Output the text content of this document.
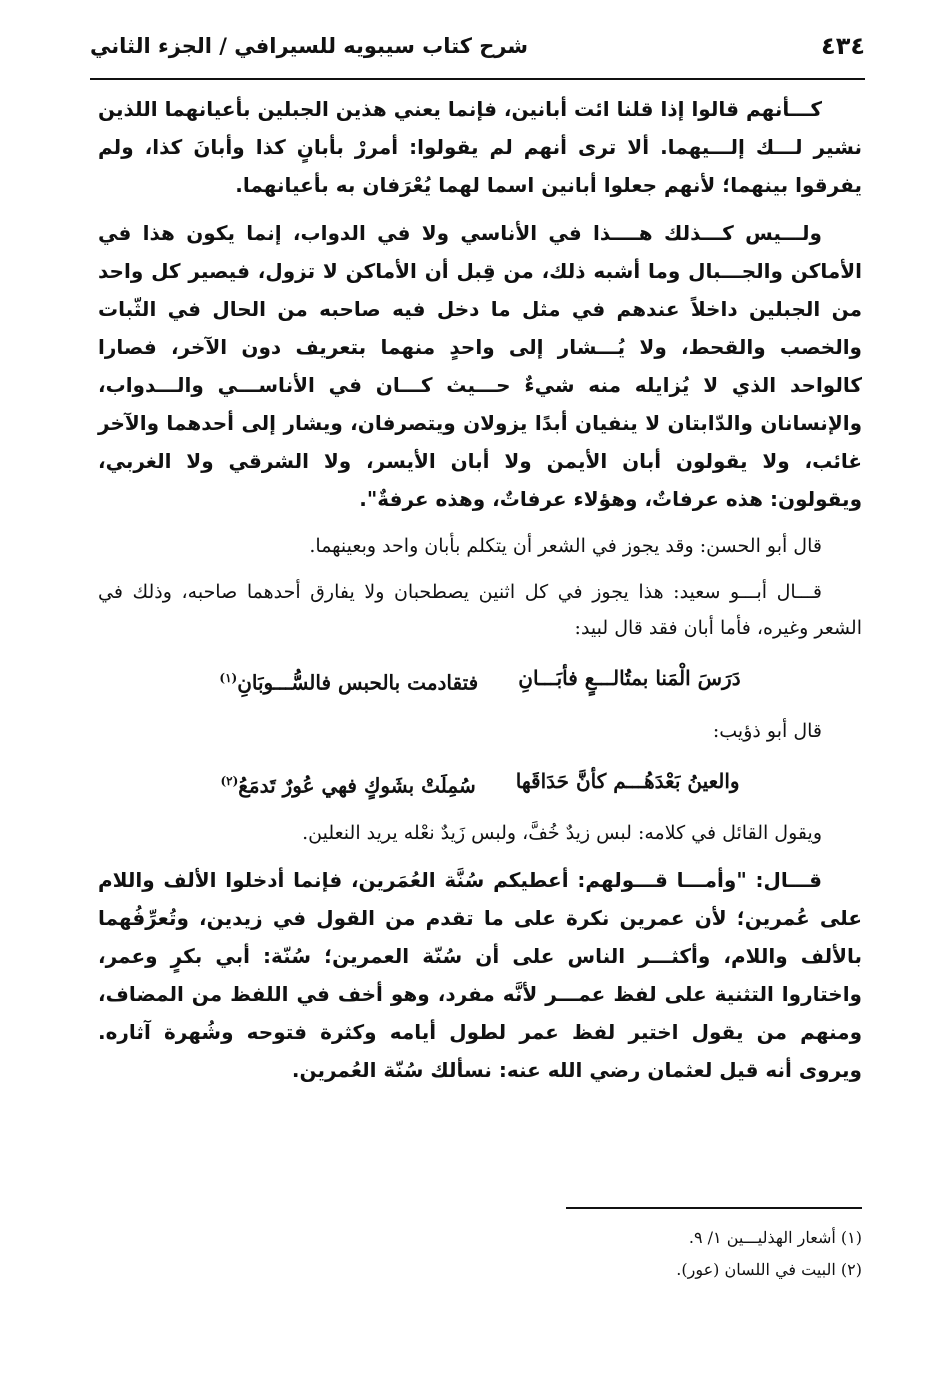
٤٣٤
شرح كتاب سيبويه للسيرافي / الجزء الثاني

كـــأنهم قالوا إذا قلنا ائت أبانين، فإنما يعني هذين الجبلين بأعيانهما اللذين نشير لـــك إلـــيهما. ألا ترى أنهم لم يقولوا: أمررْ بأبانٍ كذا وأبانَ كذا، ولم يفرقوا بينهما؛ لأنهم جعلوا أبانين اسما لهما يُعْرَفان به بأعيانهما.

ولـــيس كـــذلك هــــذا في الأناسي ولا في الدواب، إنما يكون هذا في الأماكن والجـــبال وما أشبه ذلك، من قِبل أن الأماكن لا تزول، فيصير كل واحد من الجبلين داخلاً عندهم في مثل ما دخل فيه صاحبه من الحال في الثّبات والخصب والقحط، ولا يُـــشار إلى واحدٍ منهما بتعريف دون الآخر، فصارا كالواحد الذي لا يُزايله منه شيءٌ حـــيث كـــان في الأناســـي والـــدواب، والإنسانان والدّابتان لا ينفيان أبدًا يزولان ويتصرفان، ويشار إلى أحدهما والآخر غائب، ولا يقولون أبان الأيمن ولا أبان الأيسر، ولا الشرقي ولا الغربي، ويقولون: هذه عرفاتٌ، وهؤلاء عرفاتٌ، وهذه عرفةٌ".

قال أبو الحسن: وقد يجوز في الشعر أن يتكلم بأبان واحد وبعينهما.

قـــال أبـــو سعيد: هذا يجوز في كل اثنين يصطحبان ولا يفارق أحدهما صاحبه، وذلك في الشعر وغيره، فأما أبان فقد قال لبيد:

دَرَسَ الْمَنا بمتُالـــعٍ فأبَـــانِ
فتقادمت بالحبس فالسُّـــوبَانِ$^{(١)}$

قال أبو ذؤيب:

والعينُ بَعْدَهُـــم كأنَّ حَدَاقَها
سُمِلَتْ بشَوكٍ فهي عُورٌ تَدمَعُ$^{(٢)}$

ويقول القائل في كلامه: لبس زيدٌ خُفَّ، ولبس زَيدٌ نعْله يريد النعلين.

قـــال: "وأمـــا قـــولهم: أعطيكم سُنَّة العُمَرين، فإنما أدخلوا الألف واللام على عُمرين؛ لأن عمرين نكرة على ما تقدم من القول في زيدين، وتُعرِّفُهما بالألف واللام، وأكثـــر الناس على أن سُنّة العمرين؛ سُنّة: أبي بكرٍ وعمر، واختاروا التثنية على لفظ عمـــر لأنَّه مفرد، وهو أخف في اللفظ من المضاف، ومنهم من يقول اختير لفظ عمر لطول أيامه وكثرة فتوحه وشُهرة آثاره. ويروى أنه قيل لعثمان رضي الله عنه: نسألك سُنّة العُمرين.

(١) أشعار الهذليـــين ١/ ٩.

(٢) البيت في اللسان (عور).
